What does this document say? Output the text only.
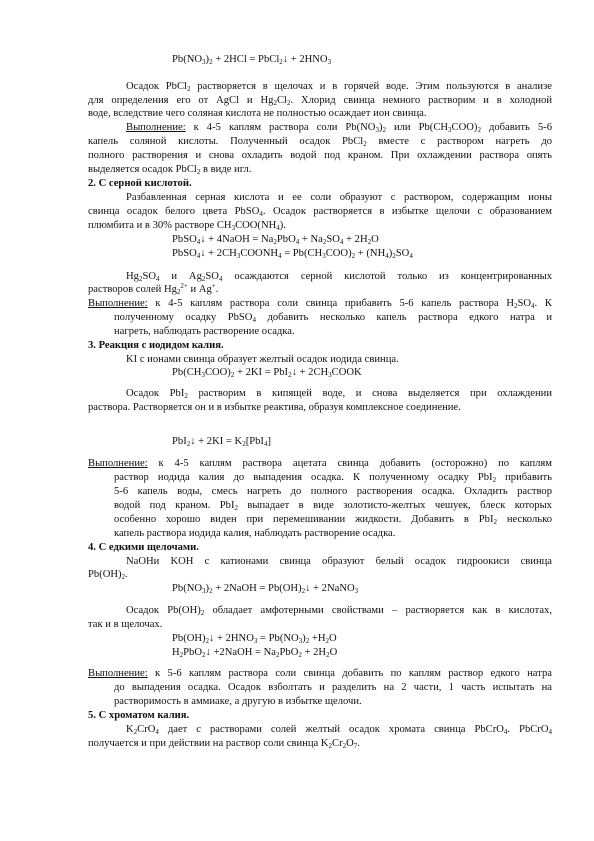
$Pb(NO_3)_2 + 2HCl$ = PbCl$_2$↓ + $2HNO_3$
Осадок PbCl$_2$ растворяется в щелочах и в горячей воде. Этим пользуются в анализе
для определения его от AgCl и $Hg_2Cl_2$. Хлорид свинца немного растворим и в холодной
воде, вследствие чего соляная кислота не полностью осаждает ион свинца.
Выполнение: к 4-5 каплям раствора соли $Pb(NO_3)_2$ или $Pb(CH_3COO)_2$ добавить 5-6
капель соляной кислоты. Полученный осадок PbCl$_2$ вместе с раствором нагреть до
полного растворения и снова охладить водой под краном. При охлаждении раствора опять
выделяется осадок PbCl$_2$ в виде игл.
2. С серной кислотой.
Разбавленная серная кислота и ее соли образуют с раствором, содержащим ионы
свинца осадок белого цвета PbSO$_4$. Осадок растворяется в избытке щелочи с образованием
плюмбита и в 30% растворе $CH_3COO(NH_4)$.
PbSO$_4$↓ + 4NaOH = $Na_2PbO_4 + Na_2SO_4 + 2H_2O$
PbSO$_4$↓ + $2CH_3COONH_4 = Pb(CH_3COO)_2 + (NH_4)_2SO_4$
$Hg_2SO_4$ и $Ag_2SO_4$ осаждаются серной кислотой только из концентрированных
растворов солей $Hg_2^{2+}$ и Ag+.
Выполнение: к 4-5 каплям раствора соли свинца прибавить 5-6 капель раствора $H_2SO_4$. К
полученному осадку PbSO$_4$ добавить несколько капель раствора едкого натра и
нагреть, наблюдать растворение осадка.
3. Реакция с иодидом калия.
KI с ионами свинца образует желтый осадок иодида свинца.
$Pb(CH_3COO)_2 + 2KI$ = PbI$_2$↓ + $2CH_3COOK$
Осадок PbI$_2$ растворим в кипящей воде, и снова выделяется при охлаждении
раствора. Растворяется он и в избытке реактива, образуя комплексное соединение.
PbI$_2$↓ + $2KI = K_2[PbI_4]$
Выполнение: к 4-5 каплям раствора ацетата свинца добавить (осторожно) по каплям
раствор иодида калия до выпадения осадка. К полученному осадку PbI$_2$ прибавить
5-6 капель воды, смесь нагреть до полного растворения осадка. Охладить раствор
водой под краном. PbI$_2$ выпадает в виде золотисто-желтых чешуек, блеск которых
особенно хорошо виден при перемешивании жидкости. Добавить в PbI$_2$ несколько
капель раствора иодида калия, наблюдать растворение осадка.
4. С едкими щелочами.
NaOHи KOH с катионами свинца образуют белый осадок гидроокиси свинца
$Pb(OH)_2$.
$Pb(NO_3)_2$ + 2NaOH = $Pb(OH)_2↓$ + 2NaNO$_3$
Осадок $Pb(OH)_2$ обладает амфотерными свойствами – растворяется как в кислотах,
так и в щелочах.
$Pb(OH)_2↓ + 2HNO_3 = Pb(NO_3)_2 +H_2O$
$H_2PbO_2↓$ +2NaOH = $Na_2PbO_2 + 2H_2O$
Выполнение: к 5-6 каплям раствора соли свинца добавить по каплям раствор едкого натра
до выпадения осадка. Осадок взболтать и разделить на 2 части, 1 часть испытать на
растворимость в аммиаке, а другую в избытке щелочи.
5. С хроматом калия.
$K_2CrO_4$ дает с растворами солей желтый осадок хромата свинца PbCrO$_4$. PbCrO$_4$
получается и при действии на раствор соли свинца $K_2Cr_2O_7$.
